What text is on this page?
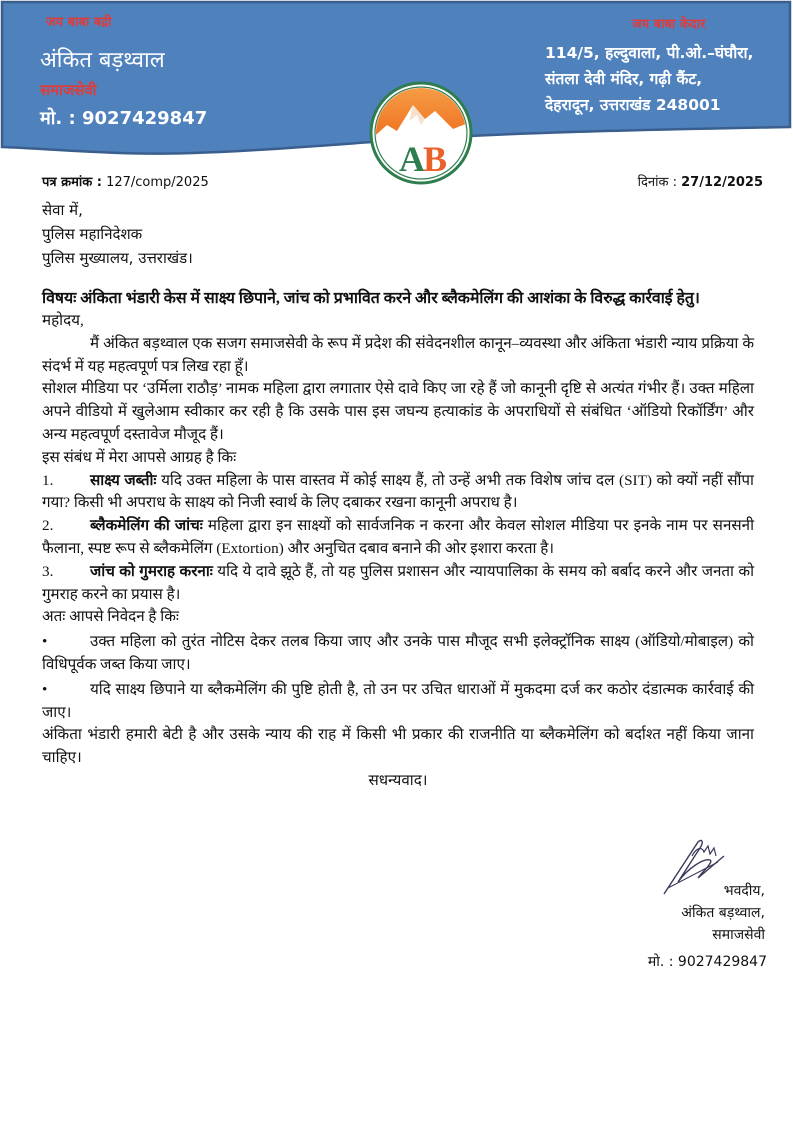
जय बाबा बद्री
अंकित बड़थ्वाल
समाजसेवी
मो. : 9027429847
जय बाबा केदार
114/5, हल्दुवाला, पी.ओ.–घंघौरा,
संतला देवी मंदिर, गढ़ी कैंट,
देहरादून, उत्तराखंड 248001
A
B
पत्र क्रमांक : 127/comp/2025	दिनांक : 27/12/2025
सेवा में,
पुलिस महानिदेशक
पुलिस मुख्यालय, उत्तराखंड।

विषयः अंकिता भंडारी केस में साक्ष्य छिपाने, जांच को प्रभावित करने और ब्लैकमेलिंग की आशंका के विरुद्ध कार्रवाई हेतु।

महोदय,

मैं अंकित बड़थ्वाल एक सजग समाजसेवी के रूप में प्रदेश की संवेदनशील कानून–व्यवस्था और अंकिता भंडारी न्याय प्रक्रिया के संदर्भ में यह महत्वपूर्ण पत्र लिख रहा हूँ।

सोशल मीडिया पर ‘उर्मिला राठौड़’ नामक महिला द्वारा लगातार ऐसे दावे किए जा रहे हैं जो कानूनी दृष्टि से अत्यंत गंभीर हैं। उक्त महिला अपने वीडियो में खुलेआम स्वीकार कर रही है कि उसके पास इस जघन्य हत्याकांड के अपराधियों से संबंधित ‘ऑडियो रिकॉर्डिंग’ और अन्य महत्वपूर्ण दस्तावेज मौजूद हैं।

इस संबंध में मेरा आपसे आग्रह है किः

1. साक्ष्य जब्तीः यदि उक्त महिला के पास वास्तव में कोई साक्ष्य हैं, तो उन्हें अभी तक विशेष जांच दल (SIT) को क्यों नहीं सौंपा गया? किसी भी अपराध के साक्ष्य को निजी स्वार्थ के लिए दबाकर रखना कानूनी अपराध है।

2. ब्लैकमेलिंग की जांचः महिला द्वारा इन साक्ष्यों को सार्वजनिक न करना और केवल सोशल मीडिया पर इनके नाम पर सनसनी फैलाना, स्पष्ट रूप से ब्लैकमेलिंग (Extortion) और अनुचित दबाव बनाने की ओर इशारा करता है।

3. जांच को गुमराह करनाः यदि ये दावे झूठे हैं, तो यह पुलिस प्रशासन और न्यायपालिका के समय को बर्बाद करने और जनता को गुमराह करने का प्रयास है।

अतः आपसे निवेदन है किः

•	उक्त महिला को तुरंत नोटिस देकर तलब किया जाए और उनके पास मौजूद सभी इलेक्ट्रॉनिक साक्ष्य (ऑडियो/मोबाइल) को विधिपूर्वक जब्त किया जाए।

•	यदि साक्ष्य छिपाने या ब्लैकमेलिंग की पुष्टि होती है, तो उन पर उचित धाराओं में मुकदमा दर्ज कर कठोर दंडात्मक कार्रवाई की जाए।

अंकिता भंडारी हमारी बेटी है और उसके न्याय की राह में किसी भी प्रकार की राजनीति या ब्लैकमेलिंग को बर्दाश्त नहीं किया जाना चाहिए।

सधन्यवाद।

भवदीय,
अंकित बड़थ्वाल,
समाजसेवी
मो. : 9027429847
